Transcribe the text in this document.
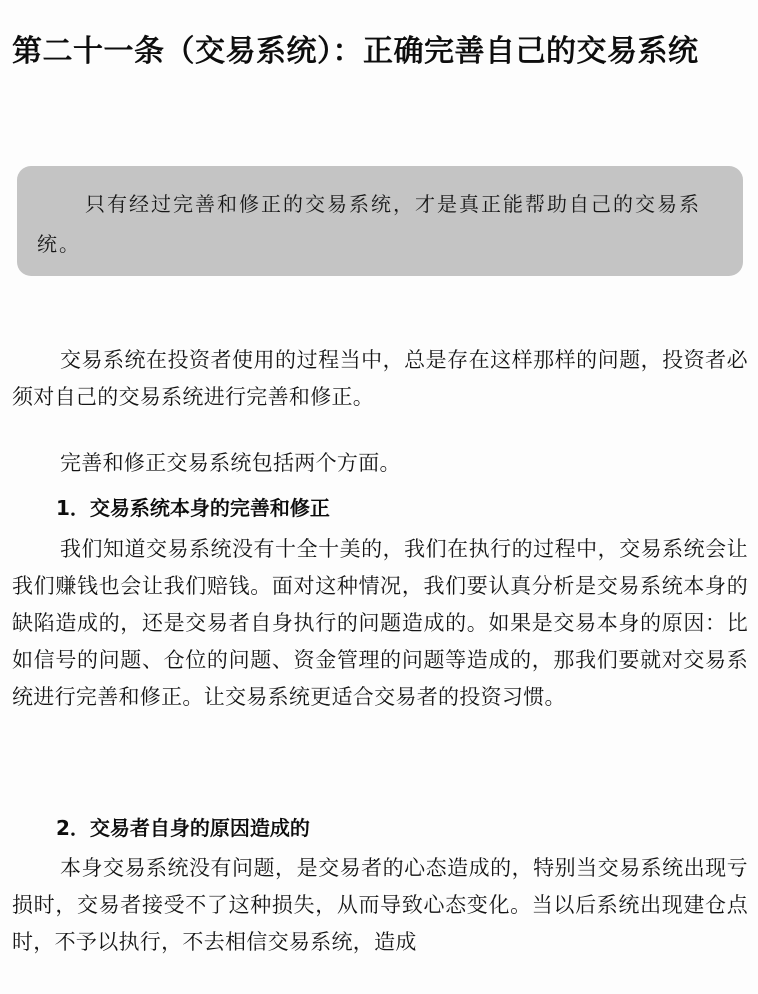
第二十一条（交易系统）：正确完善自己的交易系统

只有经过完善和修正的交易系统，才是真正能帮助自己的交易系统。

交易系统在投资者使用的过程当中，总是存在这样那样的问题，投资者必须对自己的交易系统进行完善和修正。

完善和修正交易系统包括两个方面。

1．交易系统本身的完善和修正

我们知道交易系统没有十全十美的，我们在执行的过程中，交易系统会让我们赚钱也会让我们赔钱。面对这种情况，我们要认真分析是交易系统本身的缺陷造成的，还是交易者自身执行的问题造成的。如果是交易本身的原因：比如信号的问题、仓位的问题、资金管理的问题等造成的，那我们要就对交易系统进行完善和修正。让交易系统更适合交易者的投资习惯。

2．交易者自身的原因造成的

本身交易系统没有问题，是交易者的心态造成的，特别当交易系统出现亏损时，交易者接受不了这种损失，从而导致心态变化。当以后系统出现建仓点时，不予以执行，不去相信交易系统，造成
